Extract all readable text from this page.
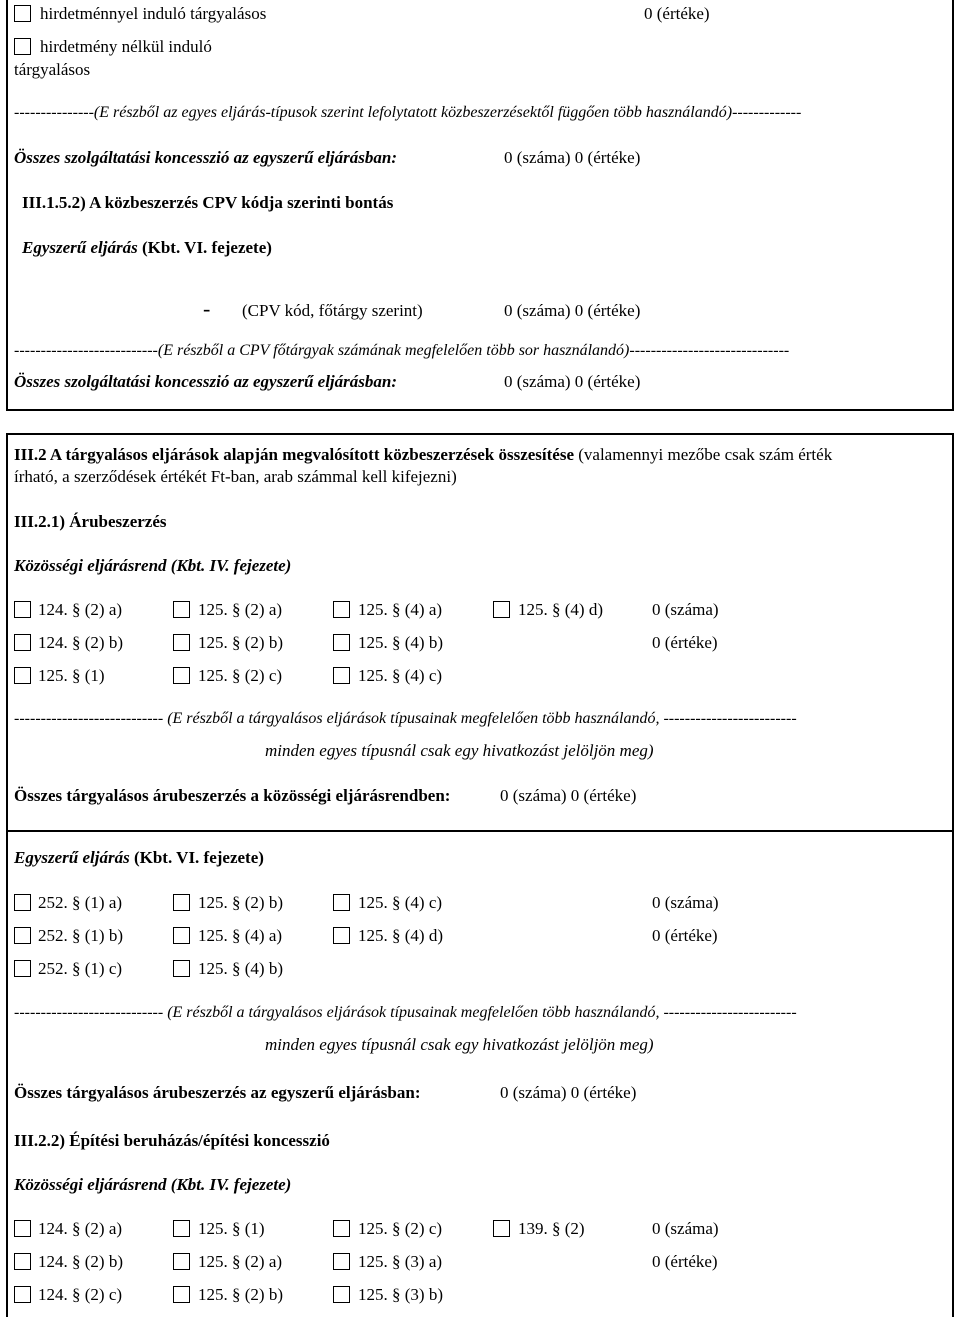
hirdetménnyel induló tárgyalásos	0 (értéke)
hirdetmény nélkül induló
tárgyalásos
---------------(E részből az egyes eljárás-típusok szerint lefolytatott közbeszerzésektől függően több használandó)-------------
Összes szolgáltatási koncesszió az egyszerű eljárásban:	0 (száma) 0 (értéke)
III.1.5.2) A közbeszerzés CPV kódja szerinti bontás
Egyszerű eljárás (Kbt. VI. fejezete)
- (CPV kód, főtárgy szerint)	0 (száma) 0 (értéke)
---------------------------(E részből a CPV főtárgyak számának megfelelően több sor használandó)------------------------------
Összes szolgáltatási koncesszió az egyszerű eljárásban:	0 (száma) 0 (értéke)
III.2 A tárgyalásos eljárások alapján megvalósított közbeszerzések összesítése (valamennyi mezőbe csak szám érték
írható, a szerződések értékét Ft-ban, arab számmal kell kifejezni)
III.2.1) Árubeszerzés
Közösségi eljárásrend (Kbt. IV. fejezete)
124. § (2) a)	125. § (2) a)	125. § (4) a)	125. § (4) d)	0 (száma)
124. § (2) b)	125. § (2) b)	125. § (4) b)	0 (értéke)
125. § (1)	125. § (2) c)	125. § (4) c)
---------------------------- (E részből a tárgyalásos eljárások típusainak megfelelően több használandó, -------------------------
minden egyes típusnál csak egy hivatkozást jelöljön meg)
Összes tárgyalásos árubeszerzés a közösségi eljárásrendben:	0 (száma) 0 (értéke)
Egyszerű eljárás (Kbt. VI. fejezete)
252. § (1) a)	125. § (2) b)	125. § (4) c)	0 (száma)
252. § (1) b)	125. § (4) a)	125. § (4) d)	0 (értéke)
252. § (1) c)	125. § (4) b)
---------------------------- (E részből a tárgyalásos eljárások típusainak megfelelően több használandó, -------------------------
minden egyes típusnál csak egy hivatkozást jelöljön meg)
Összes tárgyalásos árubeszerzés az egyszerű eljárásban:	0 (száma) 0 (értéke)
III.2.2) Építési beruházás/építési koncesszió
Közösségi eljárásrend (Kbt. IV. fejezete)
124. § (2) a)	125. § (1)	125. § (2) c)	139. § (2)	0 (száma)
124. § (2) b)	125. § (2) a)	125. § (3) a)	0 (értéke)
124. § (2) c)	125. § (2) b)	125. § (3) b)
